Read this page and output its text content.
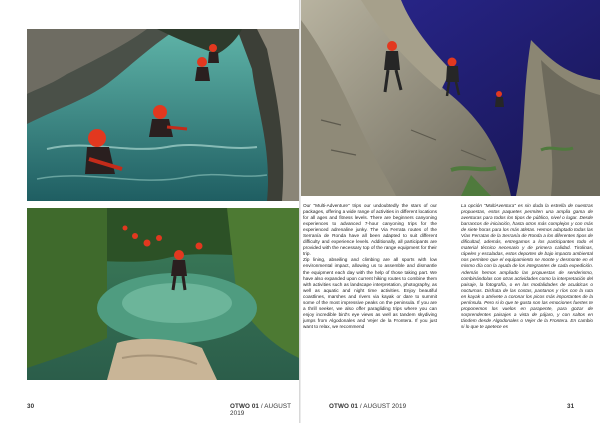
30	OTWO 01 / AUGUST 2019
OTWO 01 / AUGUST 2019	31

Our "Multi-Adventure" trips our undoubtedly the stars of our packages, offering a wide range of activities in different locations for all ages and fitness levels. There are beginners canyoning experiences to advanced 7-hour canyoning trips for the experienced adrenaline junky. The Via Ferrata routes of the Serranía de Ronda have all been adapted to suit different difficulty and experience levels. Additionally, all participants are provided with the necessary top of the range equipment for their trip.
Zip lining, abseiling and climbing are all sports with low environmental impact, allowing us to assemble and dismantle the equipment each day with the help of those taking part. We have also expanded upon current hiking routes to combine them with activities such as landscape interpretation, photography, as well as aquatic and night time activities. Enjoy beautiful coastlines, marshes and rivers via kayak or dare to summit some of the most impressive peaks on the peninsula. If you are a thrill seeker, we also offer paragliding trips where you can enjoy incredible bird's eye views as well as tandem skydiving jumps from Algodonales and Vejer de la Frontera. If you just want to relax, we recommend

La opción "MultiAventura" es sin duda la estrella de nuestras propuestas, estos paquetes permiten una amplia gama de aventuras para todos los tipos de público, nivel o lugar. Desde barrancos de iniciación, hasta otros más complejos y con más de siete horas para los más atletas. Hemos adaptado todas las Vías Ferratas de la Serranía de Ronda a los diferentes tipos de dificultad, además, entregamos a los participantes todo el material técnico necesario y de primera calidad. Tirolinas, rápeles y escaladas, estos deportes de bajo impacto ambiental nos permiten que el equipamiento se monte y desmonte en el mismo día con la ayuda de los integrantes de cada expedición. Además hemos ampliado las propuestas de senderismo, combinándolas con otras actividades como la interpretación del paisaje, la fotografía, o en las modalidades de acuáticas o nocturnas. Disfruta de las costas, pantanos y ríos con la ruta en kayak o atrévete a coronar los picos más importantes de la península. Pero si lo que te gusta son las emociones fuertes te proponemos los vuelos en parapente, para gozar de sorprendentes paisajes a vista de pájaro, y con saltos en tándem desde Algodonales o Vejer de la Frontera. En cambio si lo que te apetece es
